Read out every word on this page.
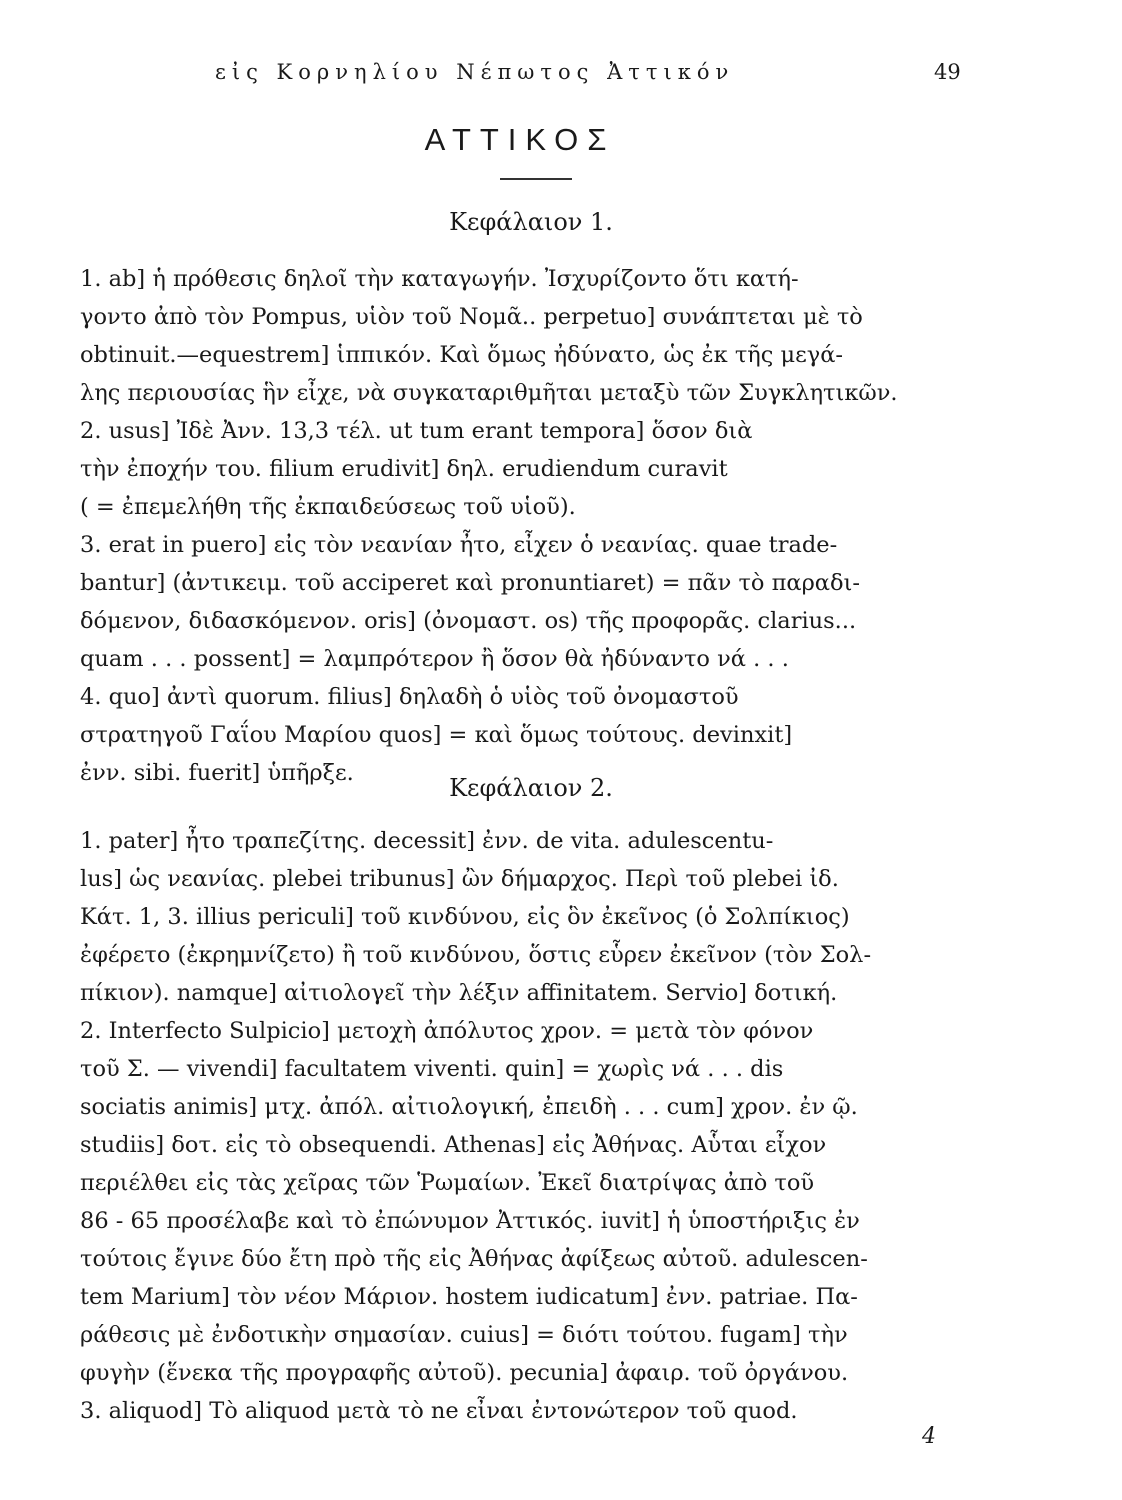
εἰς Κορνηλίου Νέπωτος Ἀττικόν	49
ΑΤΤΙΚΟΣ
Κεφάλαιον 1.
1. ab] ἡ πρόθεσις δηλοῖ τὴν καταγωγήν. Ἰσχυρίζοντο ὅτι κατή-
γοντο ἀπὸ τὸν Pompus, υἱὸν τοῦ Νομᾶ.. perpetuo] συνάπτεται μὲ τὸ
obtinuit.—equestrem] ἱππικόν. Καὶ ὅμως ἠδύνατο, ὡς ἐκ τῆς μεγά-
λης περιουσίας ἣν εἶχε, νὰ συγκαταριθμῆται μεταξὺ τῶν Συγκλητικῶν.
2. usus] Ἰδὲ Ἀνν. 13,3 τέλ. ut tum erant tempora] ὅσον διὰ
τὴν ἐποχήν του. filium erudivit] δηλ. erudiendum curavit
( = ἐπεμελήθη τῆς ἐκπαιδεύσεως τοῦ υἱοῦ).
3. erat in puero] εἰς τὸν νεανίαν ἦτο, εἶχεν ὁ νεανίας. quae trade-
bantur] (ἀντικειμ. τοῦ acciperet καὶ pronuntiaret) = πᾶν τὸ παραδι-
δόμενον, διδασκόμενον. oris] (ὀνομαστ. os) τῆς προφορᾶς. clarius...
quam . . . possent] = λαμπρότερον ἢ ὅσον θὰ ἠδύναντο νά . . .
4. quo] ἀντὶ quorum. filius] δηλαδὴ ὁ υἱὸς τοῦ ὀνομαστοῦ
στρατηγοῦ Γαΐου Μαρίου quos] = καὶ ὅμως τούτους. devinxit]
ἐνν. sibi. fuerit] ὑπῆρξε.
Κεφάλαιον 2.
1. pater] ἦτο τραπεζίτης. decessit] ἐνν. de vita. adulescentu-
lus] ὡς νεανίας. plebei tribunus] ὢν δήμαρχος. Περὶ τοῦ plebei ἰδ.
Κάτ. 1, 3. illius periculi] τοῦ κινδύνου, εἰς ὃν ἐκεῖνος (ὁ Σολπίκιος)
ἐφέρετο (ἐκρημνίζετο) ἢ τοῦ κινδύνου, ὅστις εὗρεν ἐκεῖνον (τὸν Σολ-
πίκιον). namque] αἰτιολογεῖ τὴν λέξιν affinitatem. Servio] δοτική.
2. Interfecto Sulpicio] μετοχὴ ἀπόλυτος χρον. = μετὰ τὸν φόνον
τοῦ Σ. — vivendi] facultatem viventi. quin] = χωρὶς νά . . . dis
sociatis animis] μτχ. ἀπόλ. αἰτιολογική, ἐπειδὴ . . . cum] χρον. ἐν ῷ.
studiis] δοτ. εἰς τὸ obsequendi. Athenas] εἰς Ἀθήνας. Αὗται εἶχον
περιέλθει εἰς τὰς χεῖρας τῶν Ῥωμαίων. Ἐκεῖ διατρίψας ἀπὸ τοῦ
86 - 65 προσέλαβε καὶ τὸ ἐπώνυμον Ἀττικός. iuvit] ἡ ὑποστήριξις ἐν
τούτοις ἔγινε δύο ἔτη πρὸ τῆς εἰς Ἀθήνας ἀφίξεως αὐτοῦ. adulescen-
tem Marium] τὸν νέον Μάριον. hostem iudicatum] ἐνν. patriae. Πα-
ράθεσις μὲ ἐνδοτικὴν σημασίαν. cuius] = διότι τούτου. fugam] τὴν
φυγὴν (ἕνεκα τῆς προγραφῆς αὐτοῦ). pecunia] ἀφαιρ. τοῦ ὀργάνου.
3. aliquod] Τὸ aliquod μετὰ τὸ ne εἶναι ἐντονώτερον τοῦ quod.
4
